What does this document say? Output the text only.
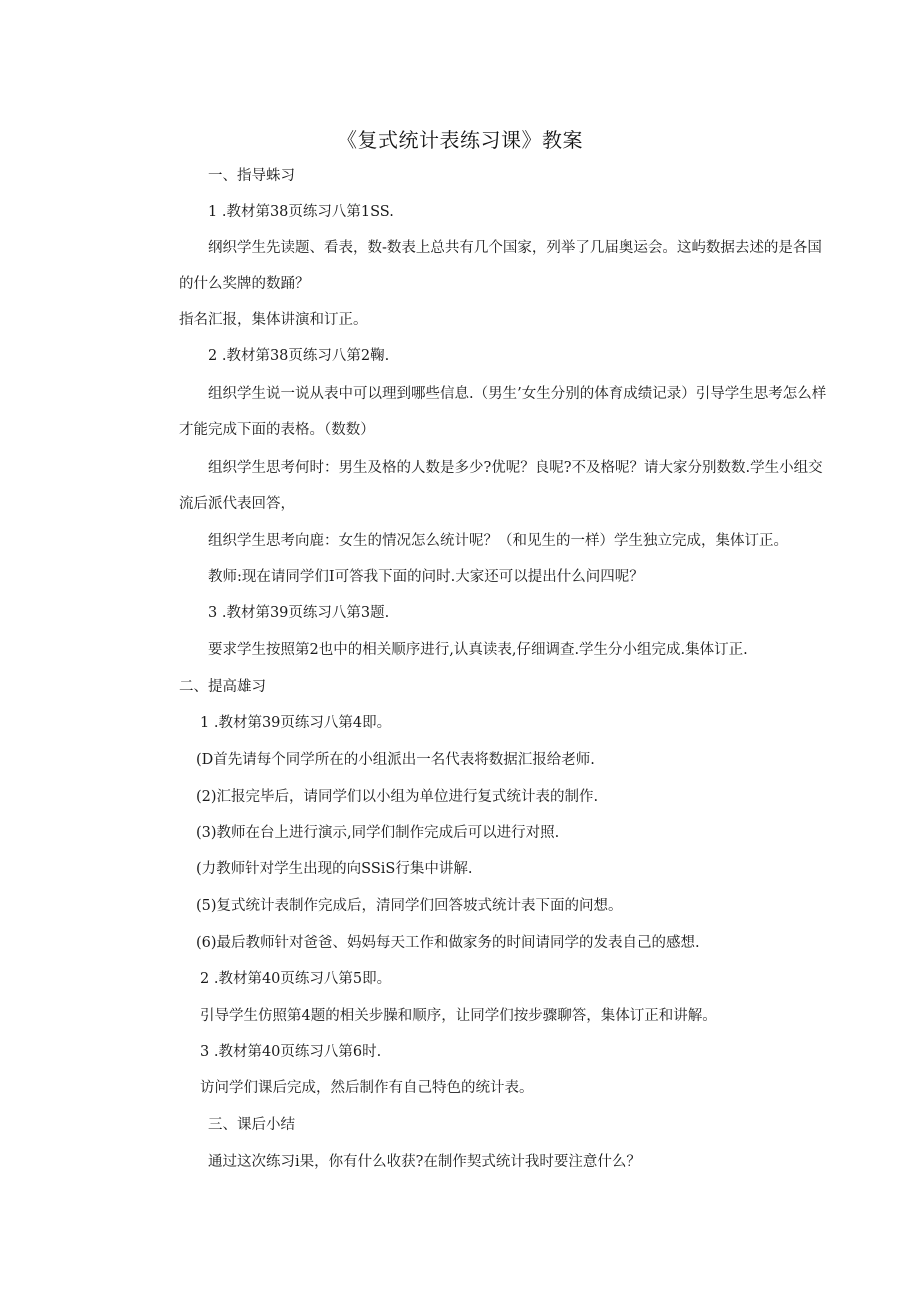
《复式统计表练习课》教案
一、指导蛛习
1 .教材第38页练习八第1SS.
纲织学生先读题、看表，数-数表上总共有几个国家，列举了几届奥运会。这屿数据去述的是各国
的什么奖牌的数踊？
指名汇报，集体讲演和订正。
2 .教材第38页练习八第2鞠.
组织学生说一说从表中可以理到哪些信息.（男生’女生分别的体育成绩记录）引导学生思考怎么样
才能完成下面的表格。（数数）
组织学生思考何时：男生及格的人数是多少?优呢？良呢?不及格呢？请大家分别数数.学生小组交
流后派代表回答，
组织学生思考向鹿：女生的情况怎么统计呢？（和见生的一样）学生独立完成，集体订正。
教师:现在请同学们I可答我下面的问时.大家还可以提出什么问四呢？
3 .教材第39页练习八第3题.
要求学生按照第2也中的相关顺序进行,认真读表,仔细调查.学生分小组完成.集体订正.
二、提高雄习
1 .教材第39页练习八第4即。
(D首先请每个同学所在的小组派出一名代表将数据汇报给老师.
(2)汇报完毕后，请同学们以小组为单位进行复式统计表的制作.
(3)教师在台上进行演示,同学们制作完成后可以进行对照.
(力教师针对学生出现的向SSiS行集中讲解.
(5)复式统计表制作完成后，清同学们回答坡式统计表下面的问想。
(6)最后教师针对爸爸、妈妈每天工作和做家务的时间请同学的发表自己的感想.
2 .教材第40页练习八第5即。
引导学生仿照第4题的相关步臊和顺序，让同学们按步骤聊答，集体订正和讲解。
3 .教材第40页练习八第6时.
访问学们课后完成，然后制作有自己特色的统计表。
三、课后小结
通过这次练习i果，你有什么收获?在制作契式统计我时要注意什么？
